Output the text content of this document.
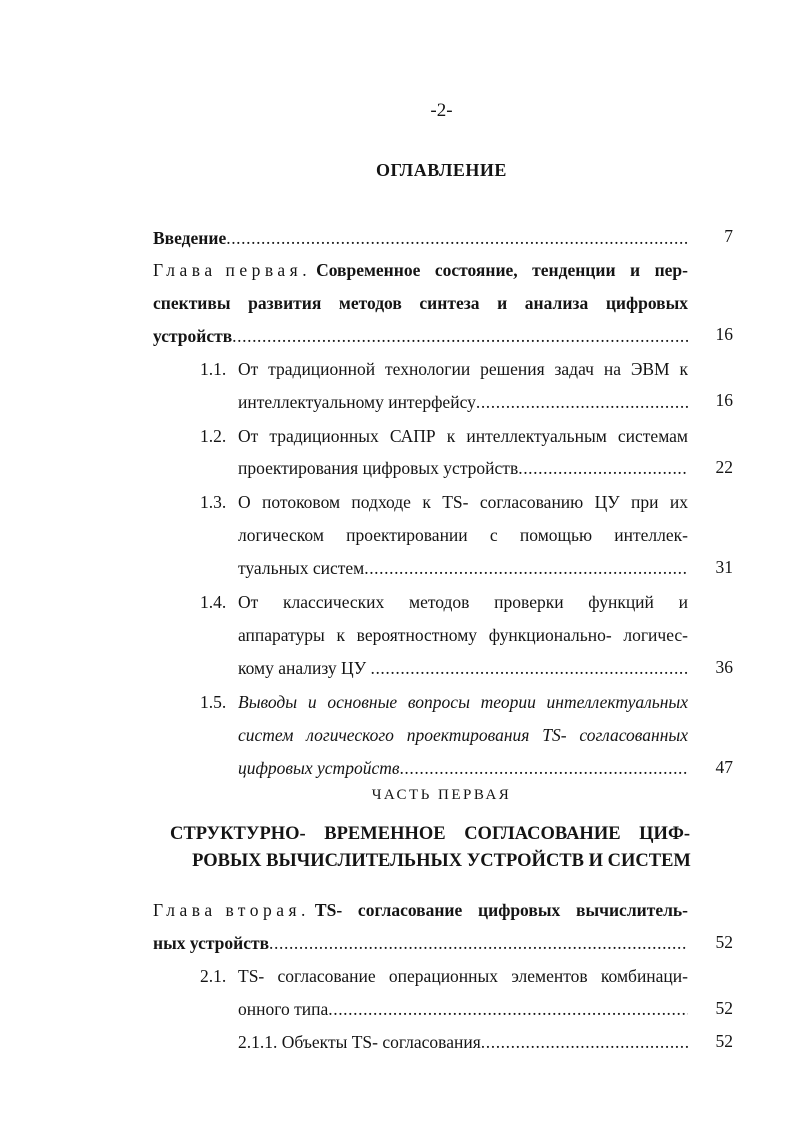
-2-
ОГЛАВЛЕНИЕ
Введение .....	7
Глава первая. Современное состояние, тенденции и пер-
спективы развития методов синтеза и анализа цифровых
устройств .....	16
1.1. От традиционной технологии решения задач на ЭВМ к
интеллектуальному интерфейсу .....	16
1.2. От традиционных САПР к интеллектуальным системам
проектирования цифровых устройств .....	22
1.3. О потоковом подходе к TS- согласованию ЦУ при их
логическом проектировании с помощью интеллек-
туальных систем .....	31
1.4. От классических методов проверки функций и
аппаратуры к вероятностному функционально- логичес-
кому анализу ЦУ .....	36
1.5. Выводы и основные вопросы теории интеллектуальных
систем логического проектирования TS- согласованных
цифровых устройств .....	47
ЧАСТЬ ПЕРВАЯ
СТРУКТУРНО- ВРЕМЕННОЕ СОГЛАСОВАНИЕ ЦИФ-
РОВЫХ ВЫЧИСЛИТЕЛЬНЫХ УСТРОЙСТВ И СИСТЕМ
Глава вторая. TS- согласование цифровых вычислитель-
ных устройств .....	52
2.1. TS- согласование операционных элементов комбинаци-
онного типа .....	52
2.1.1. Объекты TS- согласования .....	52
